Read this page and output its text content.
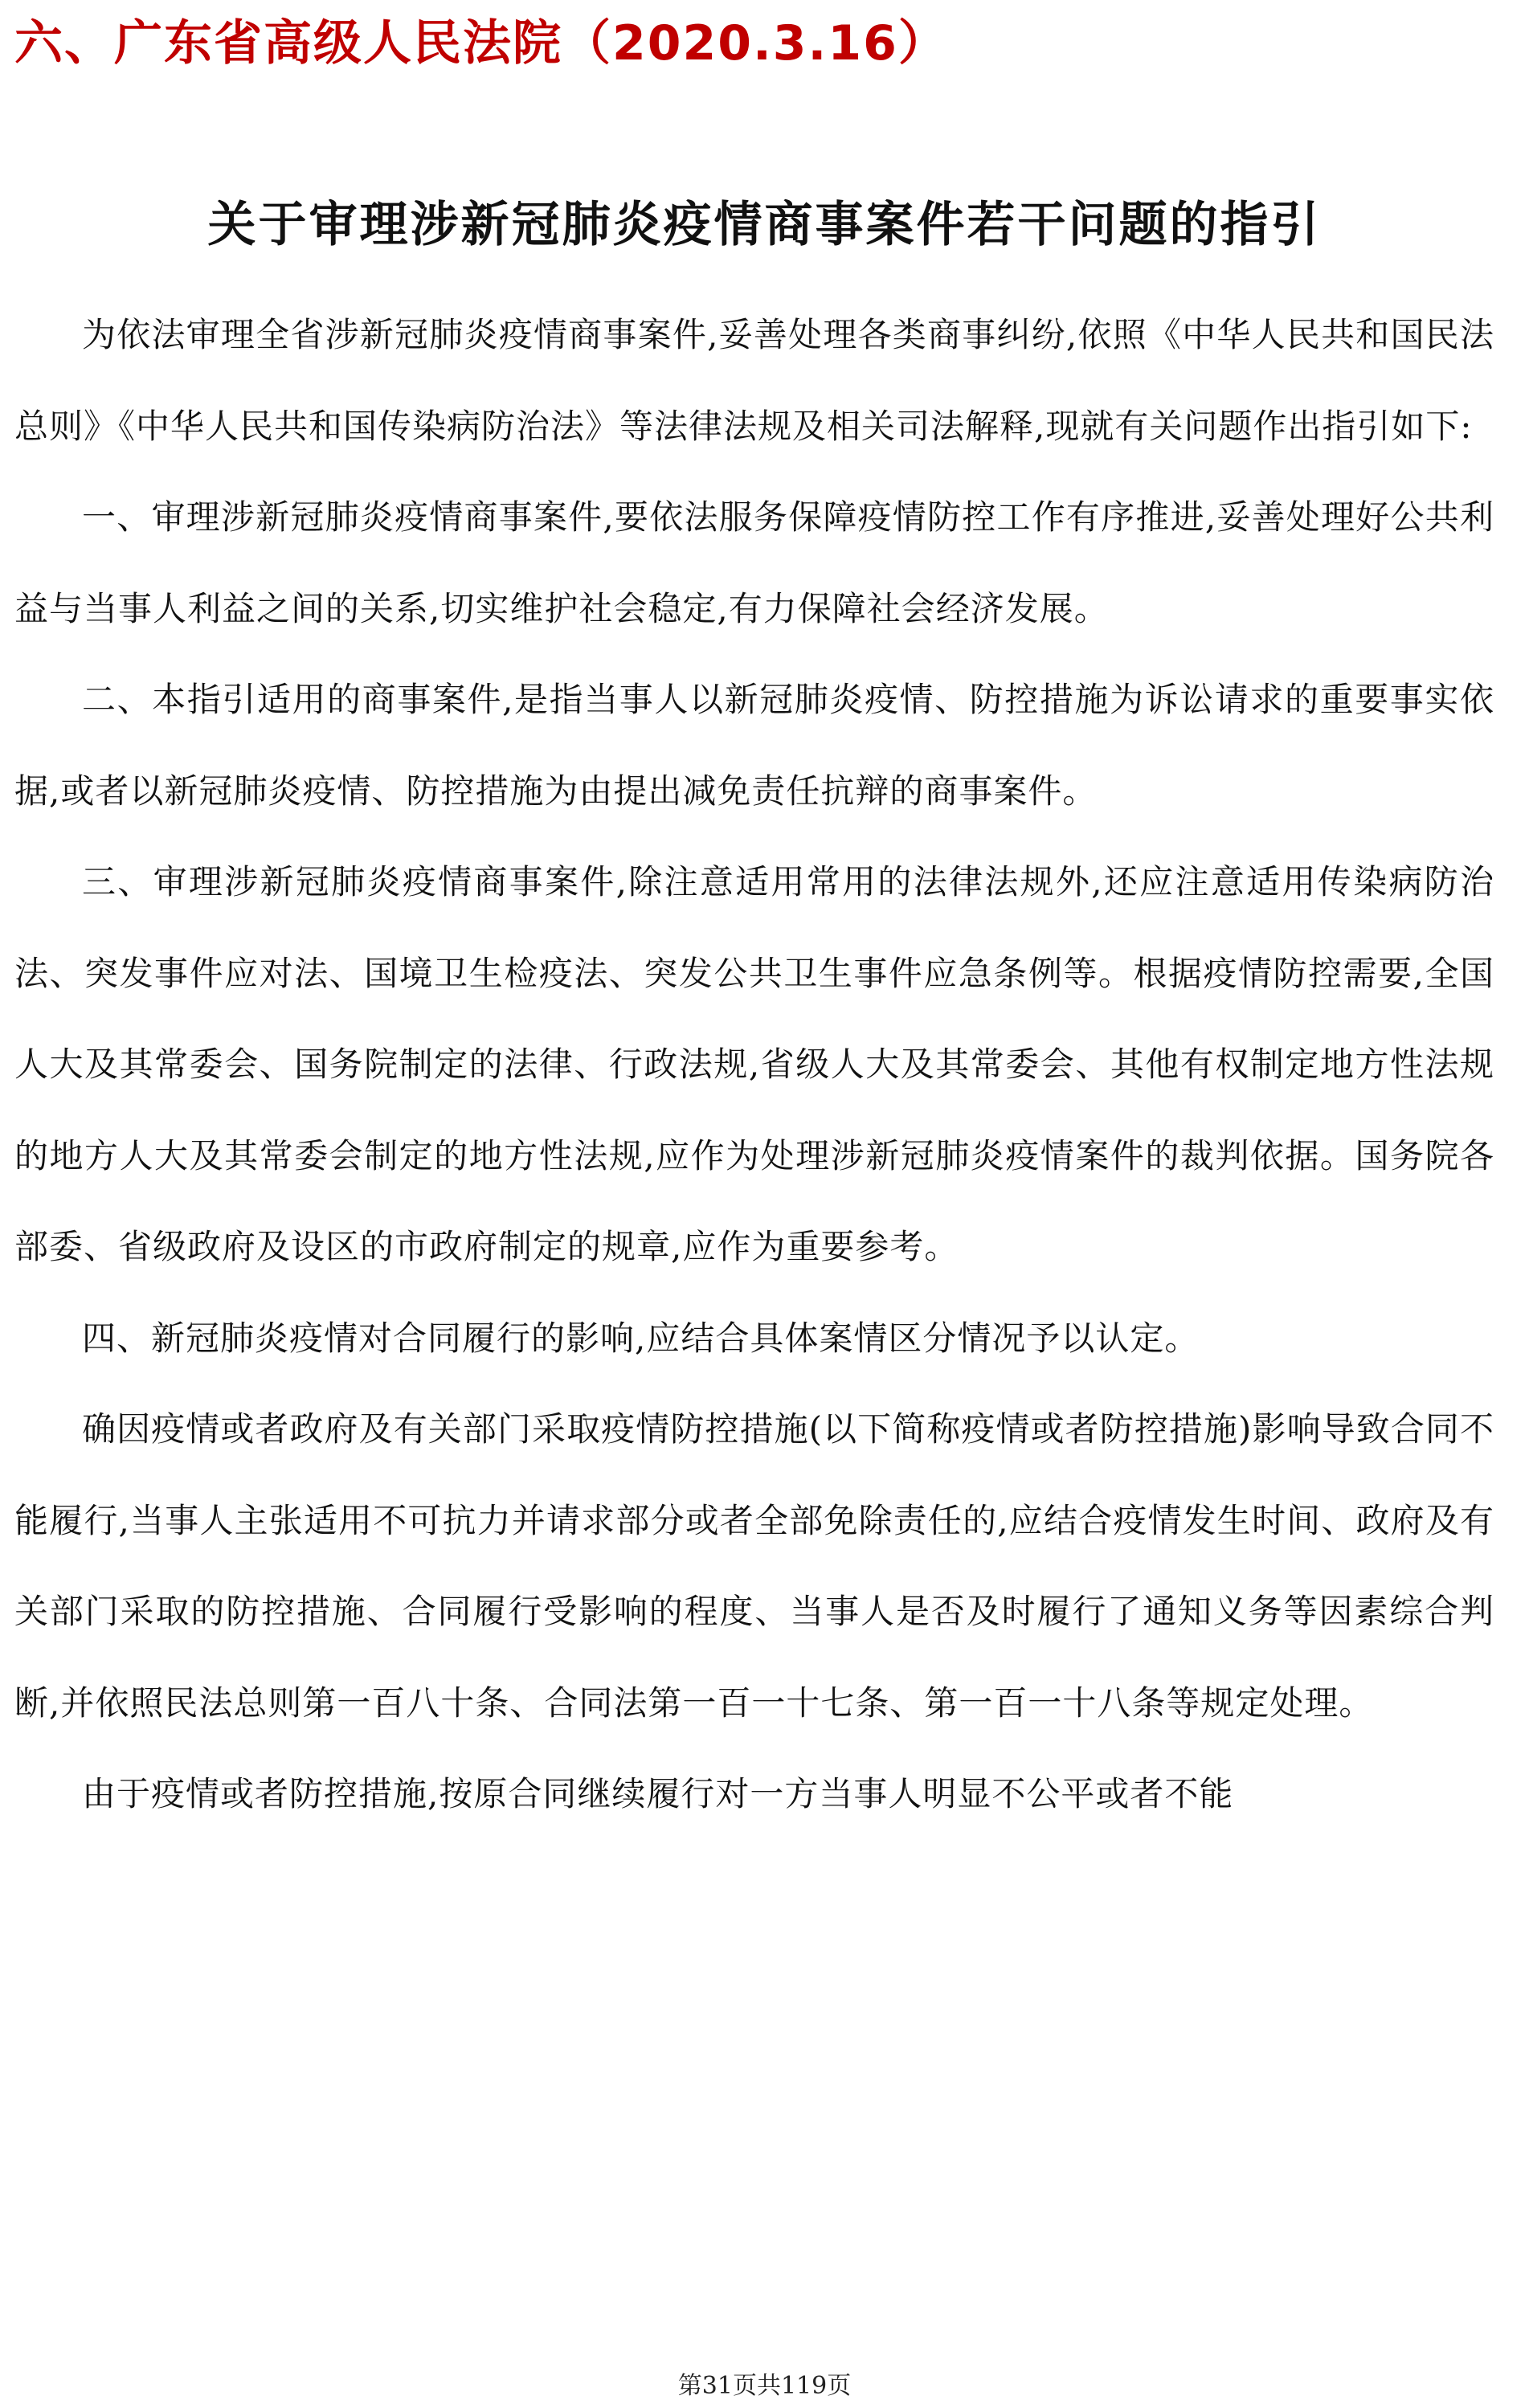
六、广东省高级人民法院（2020.3.16）
关于审理涉新冠肺炎疫情商事案件若干问题的指引

为依法审理全省涉新冠肺炎疫情商事案件,妥善处理各类商事纠纷,依照《中华人民共和国民法总则》《中华人民共和国传染病防治法》等法律法规及相关司法解释,现就有关问题作出指引如下:

一、审理涉新冠肺炎疫情商事案件,要依法服务保障疫情防控工作有序推进,妥善处理好公共利益与当事人利益之间的关系,切实维护社会稳定,有力保障社会经济发展。

二、本指引适用的商事案件,是指当事人以新冠肺炎疫情、防控措施为诉讼请求的重要事实依据,或者以新冠肺炎疫情、防控措施为由提出减免责任抗辩的商事案件。

三、审理涉新冠肺炎疫情商事案件,除注意适用常用的法律法规外,还应注意适用传染病防治法、突发事件应对法、国境卫生检疫法、突发公共卫生事件应急条例等。根据疫情防控需要,全国人大及其常委会、国务院制定的法律、行政法规,省级人大及其常委会、其他有权制定地方性法规的地方人大及其常委会制定的地方性法规,应作为处理涉新冠肺炎疫情案件的裁判依据。国务院各部委、省级政府及设区的市政府制定的规章,应作为重要参考。

四、新冠肺炎疫情对合同履行的影响,应结合具体案情区分情况予以认定。

确因疫情或者政府及有关部门采取疫情防控措施(以下简称疫情或者防控措施)影响导致合同不能履行,当事人主张适用不可抗力并请求部分或者全部免除责任的,应结合疫情发生时间、政府及有关部门采取的防控措施、合同履行受影响的程度、当事人是否及时履行了通知义务等因素综合判断,并依照民法总则第一百八十条、合同法第一百一十七条、第一百一十八条等规定处理。

由于疫情或者防控措施,按原合同继续履行对一方当事人明显不公平或者不能

第31页共119页
